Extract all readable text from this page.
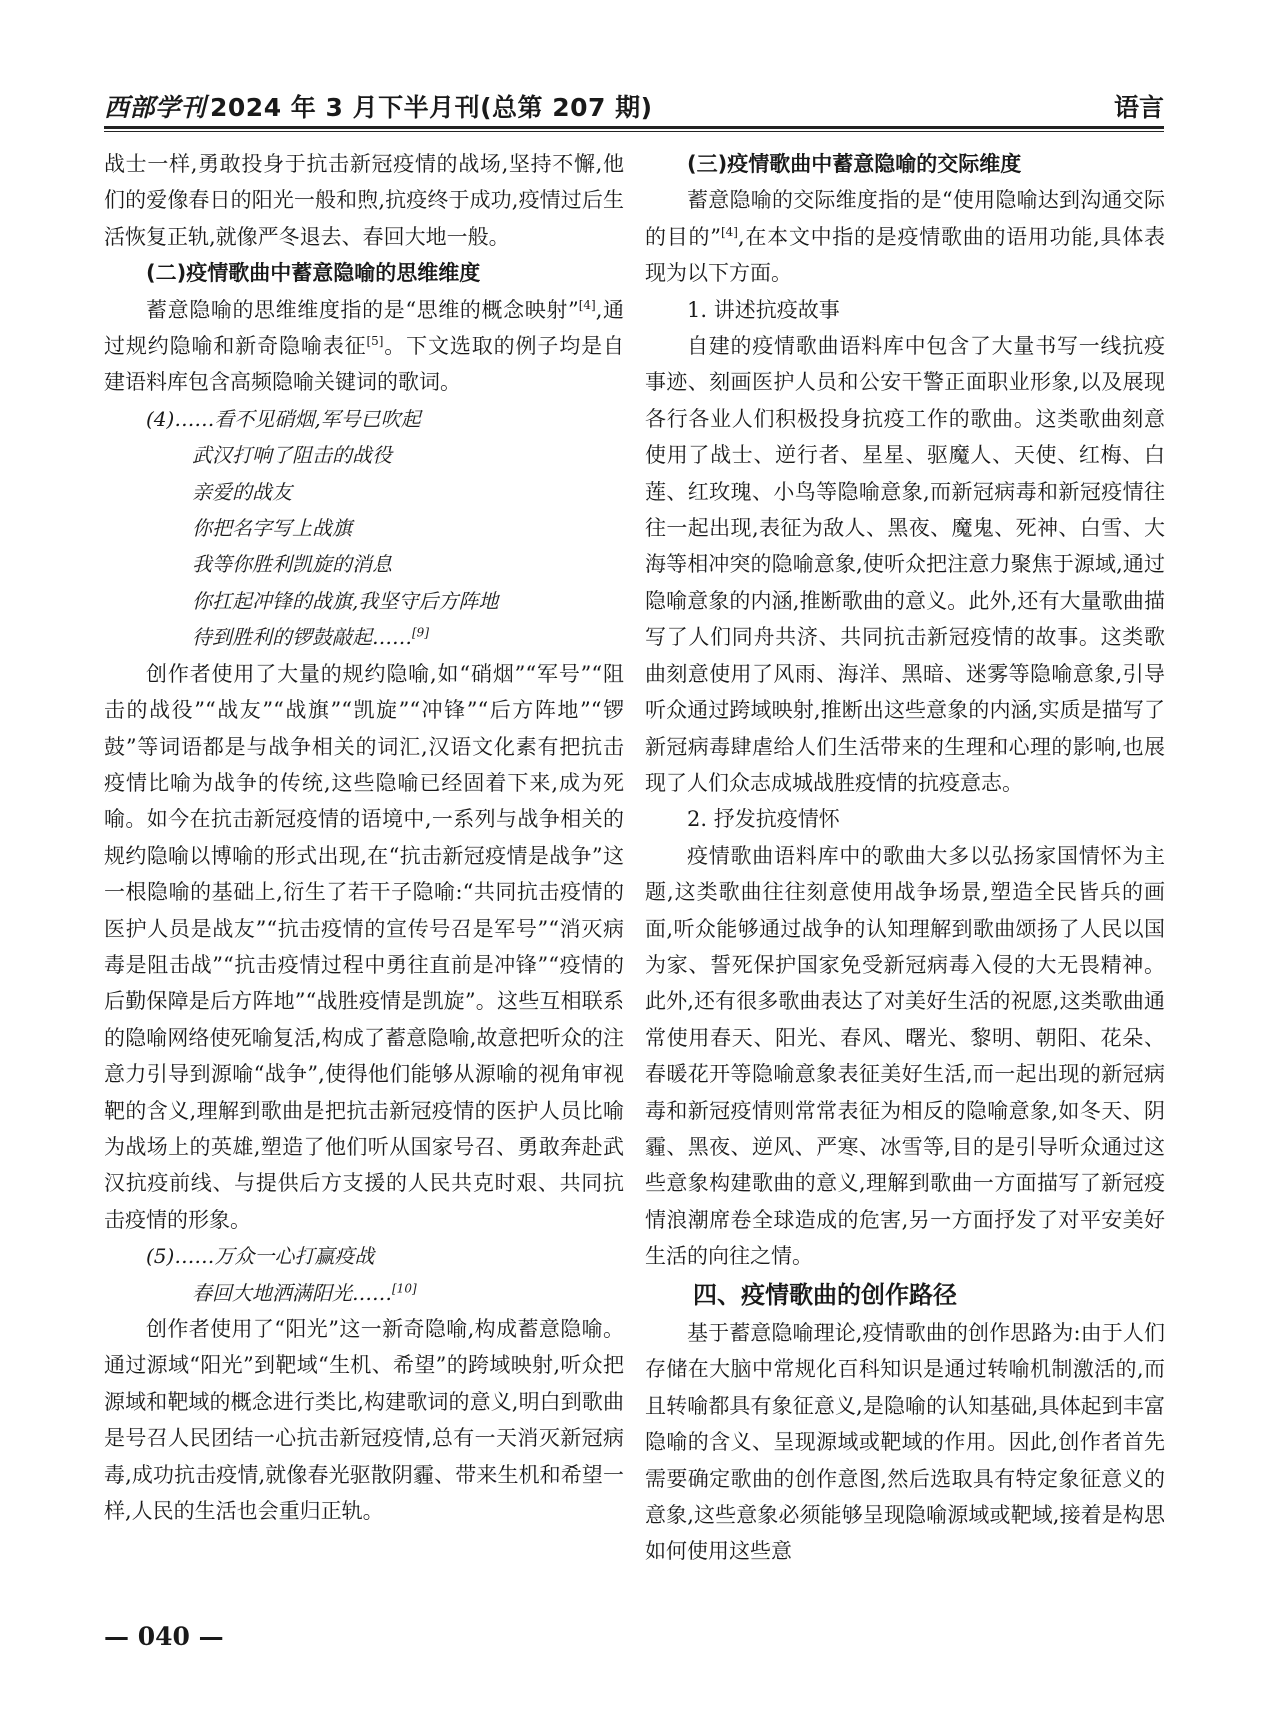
西部学刊 2024 年 3 月下半月刊(总第 207 期)	语言

战士一样,勇敢投身于抗击新冠疫情的战场,坚持不懈,他们的爱像春日的阳光一般和煦,抗疫终于成功,疫情过后生活恢复正轨,就像严冬退去、春回大地一般。

(二)疫情歌曲中蓄意隐喻的思维维度

蓄意隐喻的思维维度指的是“思维的概念映射”[4],通过规约隐喻和新奇隐喻表征[5]。下文选取的例子均是自建语料库包含高频隐喻关键词的歌词。

(4)……看不见硝烟,军号已吹起
武汉打响了阻击的战役
亲爱的战友
你把名字写上战旗
我等你胜利凯旋的消息
你扛起冲锋的战旗,我坚守后方阵地
待到胜利的锣鼓敲起……[9]

创作者使用了大量的规约隐喻,如“硝烟”“军号”“阻击的战役”“战友”“战旗”“凯旋”“冲锋”“后方阵地”“锣鼓”等词语都是与战争相关的词汇,汉语文化素有把抗击疫情比喻为战争的传统,这些隐喻已经固着下来,成为死喻。如今在抗击新冠疫情的语境中,一系列与战争相关的规约隐喻以博喻的形式出现,在“抗击新冠疫情是战争”这一根隐喻的基础上,衍生了若干子隐喻:“共同抗击疫情的医护人员是战友”“抗击疫情的宣传号召是军号”“消灭病毒是阻击战”“抗击疫情过程中勇往直前是冲锋”“疫情的后勤保障是后方阵地”“战胜疫情是凯旋”。这些互相联系的隐喻网络使死喻复活,构成了蓄意隐喻,故意把听众的注意力引导到源喻“战争”,使得他们能够从源喻的视角审视靶的含义,理解到歌曲是把抗击新冠疫情的医护人员比喻为战场上的英雄,塑造了他们听从国家号召、勇敢奔赴武汉抗疫前线、与提供后方支援的人民共克时艰、共同抗击疫情的形象。

(5)……万众一心打赢疫战
春回大地洒满阳光……[10]

创作者使用了“阳光”这一新奇隐喻,构成蓄意隐喻。通过源域“阳光”到靶域“生机、希望”的跨域映射,听众把源域和靶域的概念进行类比,构建歌词的意义,明白到歌曲是号召人民团结一心抗击新冠疫情,总有一天消灭新冠病毒,成功抗击疫情,就像春光驱散阴霾、带来生机和希望一样,人民的生活也会重归正轨。

(三)疫情歌曲中蓄意隐喻的交际维度

蓄意隐喻的交际维度指的是“使用隐喻达到沟通交际的目的”[4],在本文中指的是疫情歌曲的语用功能,具体表现为以下方面。

1. 讲述抗疫故事

自建的疫情歌曲语料库中包含了大量书写一线抗疫事迹、刻画医护人员和公安干警正面职业形象,以及展现各行各业人们积极投身抗疫工作的歌曲。这类歌曲刻意使用了战士、逆行者、星星、驱魔人、天使、红梅、白莲、红玫瑰、小鸟等隐喻意象,而新冠病毒和新冠疫情往往一起出现,表征为敌人、黑夜、魔鬼、死神、白雪、大海等相冲突的隐喻意象,使听众把注意力聚焦于源域,通过隐喻意象的内涵,推断歌曲的意义。此外,还有大量歌曲描写了人们同舟共济、共同抗击新冠疫情的故事。这类歌曲刻意使用了风雨、海洋、黑暗、迷雾等隐喻意象,引导听众通过跨域映射,推断出这些意象的内涵,实质是描写了新冠病毒肆虐给人们生活带来的生理和心理的影响,也展现了人们众志成城战胜疫情的抗疫意志。

2. 抒发抗疫情怀

疫情歌曲语料库中的歌曲大多以弘扬家国情怀为主题,这类歌曲往往刻意使用战争场景,塑造全民皆兵的画面,听众能够通过战争的认知理解到歌曲颂扬了人民以国为家、誓死保护国家免受新冠病毒入侵的大无畏精神。此外,还有很多歌曲表达了对美好生活的祝愿,这类歌曲通常使用春天、阳光、春风、曙光、黎明、朝阳、花朵、春暖花开等隐喻意象表征美好生活,而一起出现的新冠病毒和新冠疫情则常常表征为相反的隐喻意象,如冬天、阴霾、黑夜、逆风、严寒、冰雪等,目的是引导听众通过这些意象构建歌曲的意义,理解到歌曲一方面描写了新冠疫情浪潮席卷全球造成的危害,另一方面抒发了对平安美好生活的向往之情。

四、疫情歌曲的创作路径

基于蓄意隐喻理论,疫情歌曲的创作思路为:由于人们存储在大脑中常规化百科知识是通过转喻机制激活的,而且转喻都具有象征意义,是隐喻的认知基础,具体起到丰富隐喻的含义、呈现源域或靶域的作用。因此,创作者首先需要确定歌曲的创作意图,然后选取具有特定象征意义的意象,这些意象必须能够呈现隐喻源域或靶域,接着是构思如何使用这些意

— 040 —
